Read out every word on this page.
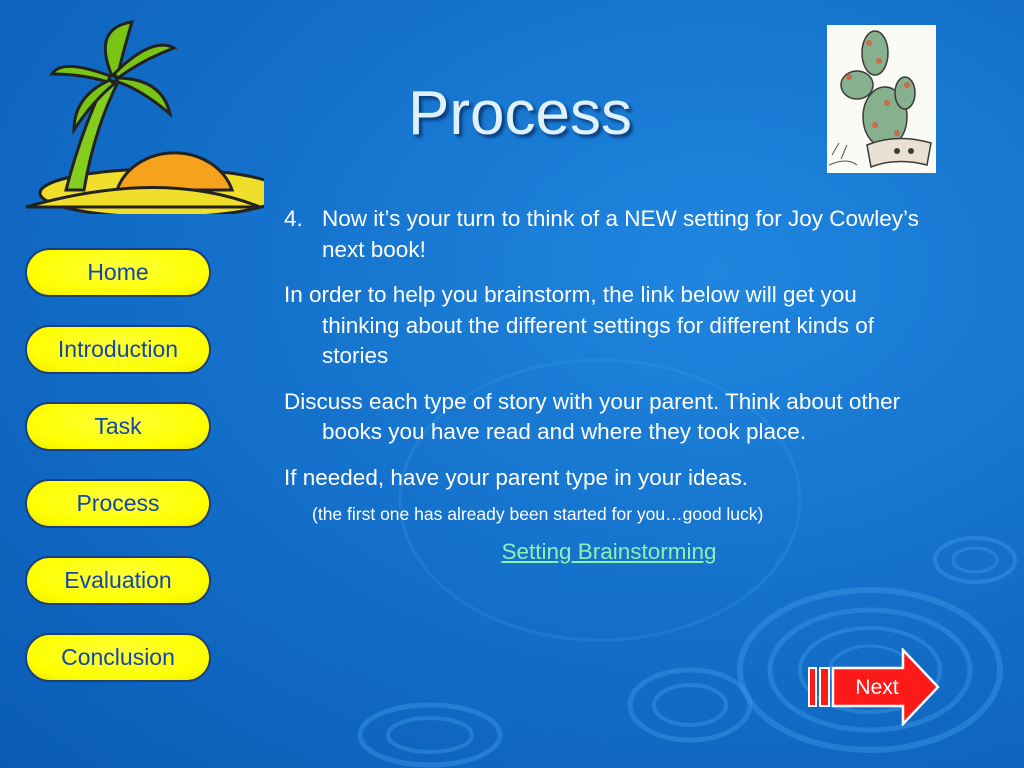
Process
Home
Introduction
Task
Process
Evaluation
Conclusion
4. Now it’s your turn to think of a NEW setting for Joy Cowley’s next book!

In order to help you brainstorm, the link below will get you thinking about the different settings for different kinds of stories

Discuss each type of story with your parent. Think about other books you have read and where they took place.

If needed, have your parent type in your ideas.

(the first one has already been started for you…good luck)
Setting Brainstorming
Next
